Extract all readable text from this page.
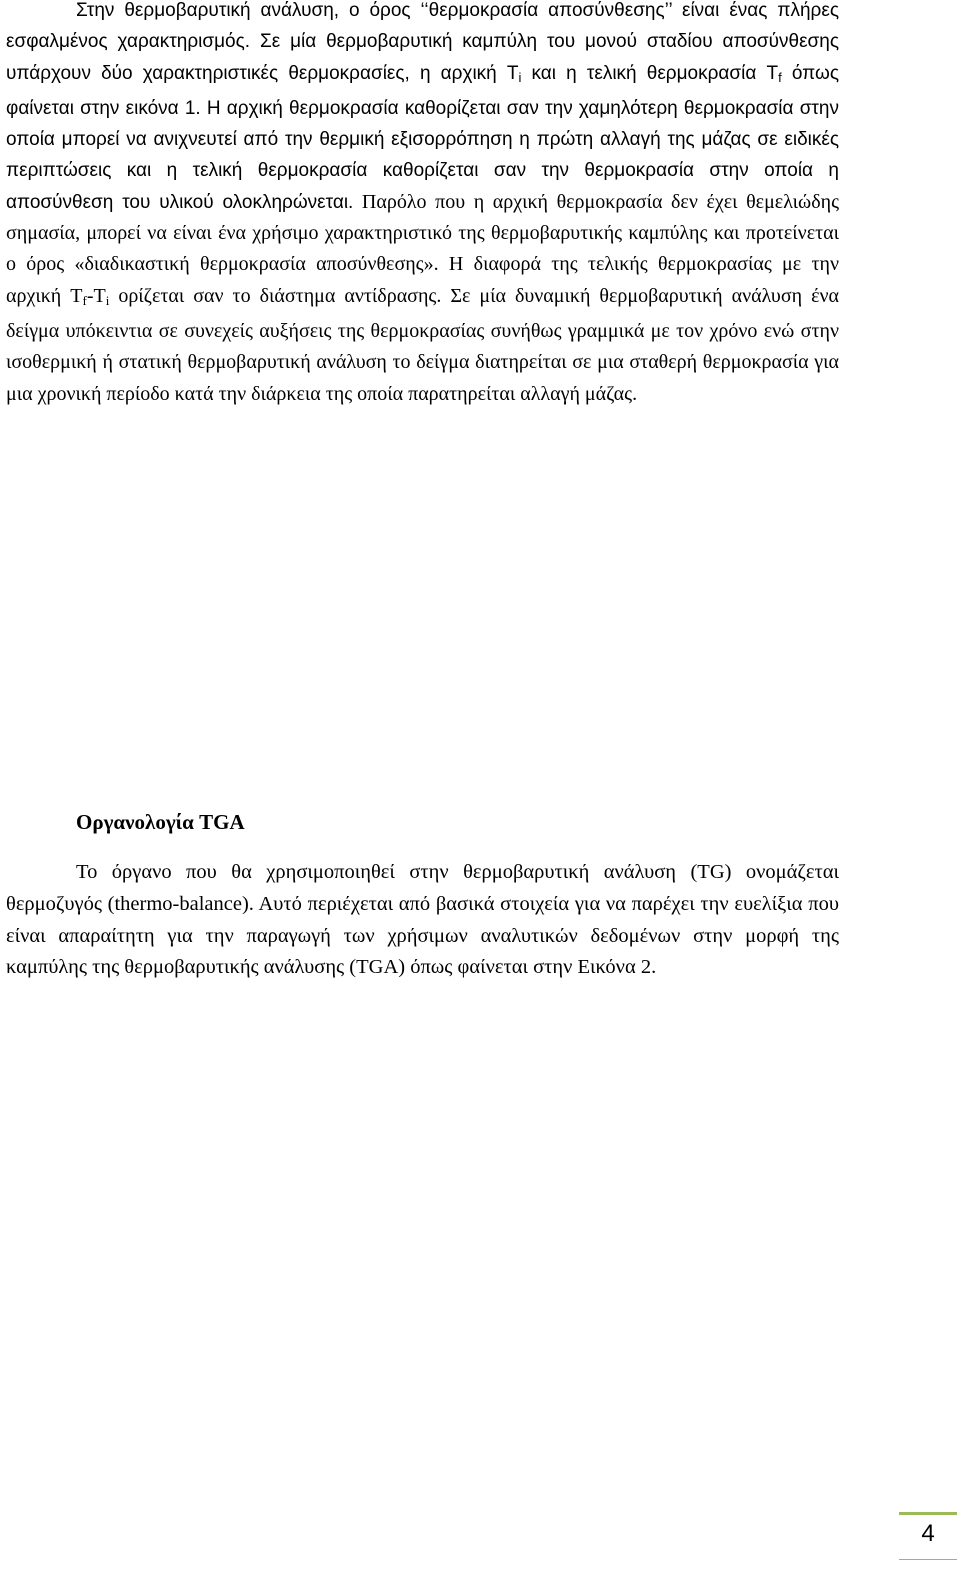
Στην θερμοβαρυτική ανάλυση, ο όρος ‘‘θερμοκρασία αποσύνθεσης’’ είναι ένας πλήρες εσφαλμένος χαρακτηρισμός. Σε μία θερμοβαρυτική καμπύλη του μονού σταδίου αποσύνθεσης υπάρχουν δύο χαρακτηριστικές θερμοκρασίες, η αρχική $T_i$ και η τελική θερμοκρασία $T_f$ όπως φαίνεται στην εικόνα 1. Η αρχική θερμοκρασία καθορίζεται σαν την χαμηλότερη θερμοκρασία στην οποία μπορεί να ανιχνευτεί από την θερμική εξισορρόπηση η πρώτη αλλαγή της μάζας σε ειδικές περιπτώσεις και η τελική θερμοκρασία καθορίζεται σαν την θερμοκρασία στην οποία η αποσύνθεση του υλικού ολοκληρώνεται. Παρόλο που η αρχική θερμοκρασία δεν έχει θεμελιώδης σημασία, μπορεί να είναι ένα χρήσιμο χαρακτηριστικό της θερμοβαρυτικής καμπύλης και προτείνεται ο όρος «διαδικαστική θερμοκρασία αποσύνθεσης». Η διαφορά της τελικής θερμοκρασίας με την αρχική $T_f-T_i$ ορίζεται σαν το διάστημα αντίδρασης. Σε μία δυναμική θερμοβαρυτική ανάλυση ένα δείγμα υπόκειντια σε συνεχείς αυξήσεις της θερμοκρασίας συνήθως γραμμικά με τον χρόνο ενώ στην ισοθερμική ή στατική θερμοβαρυτική ανάλυση το δείγμα διατηρείται σε μια σταθερή θερμοκρασία για μια χρονική περίοδο κατά την διάρκεια της οποία παρατηρείται αλλαγή μάζας.

Οργανολογία TGA

Το όργανο που θα χρησιμοποιηθεί στην θερμοβαρυτική ανάλυση (TG) ονομάζεται θερμοζυγός (thermo-balance). Αυτό περιέχεται από βασικά στοιχεία για να παρέχει την ευελίξια που είναι απαραίτητη για την παραγωγή των χρήσιμων αναλυτικών δεδομένων στην μορφή της καμπύλης της θερμοβαρυτικής ανάλυσης (TGA) όπως φαίνεται στην Εικόνα 2.

4
